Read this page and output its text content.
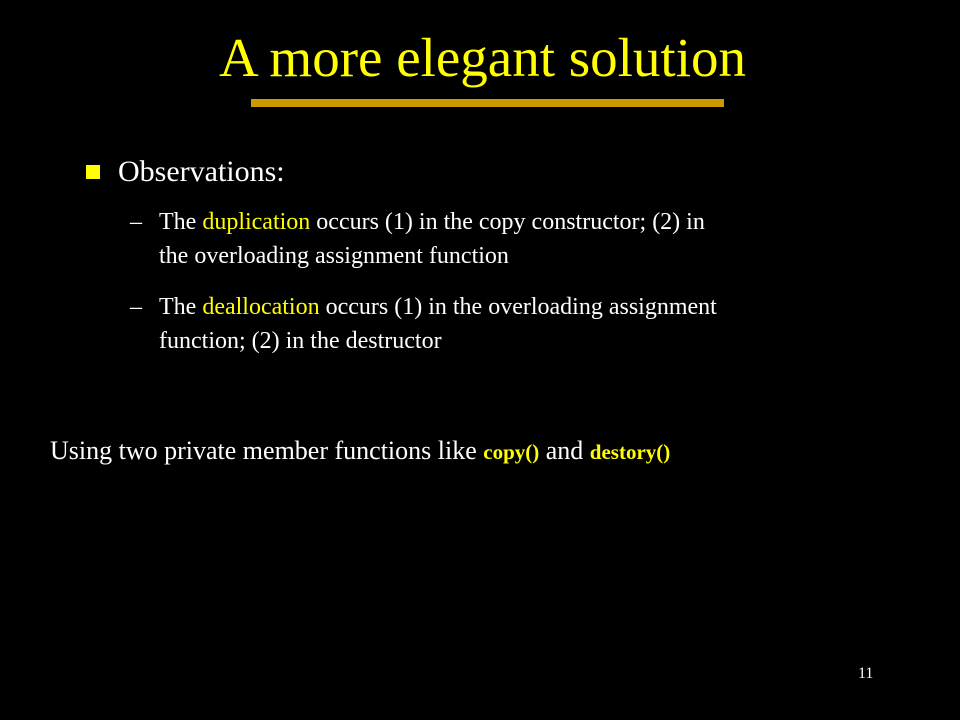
A more elegant solution
Observations:
– The duplication occurs (1) in the copy constructor; (2) in
the overloading assignment function
– The deallocation occurs (1) in the overloading assignment
function; (2) in the destructor
Using two private member functions like copy() and destory()
11
